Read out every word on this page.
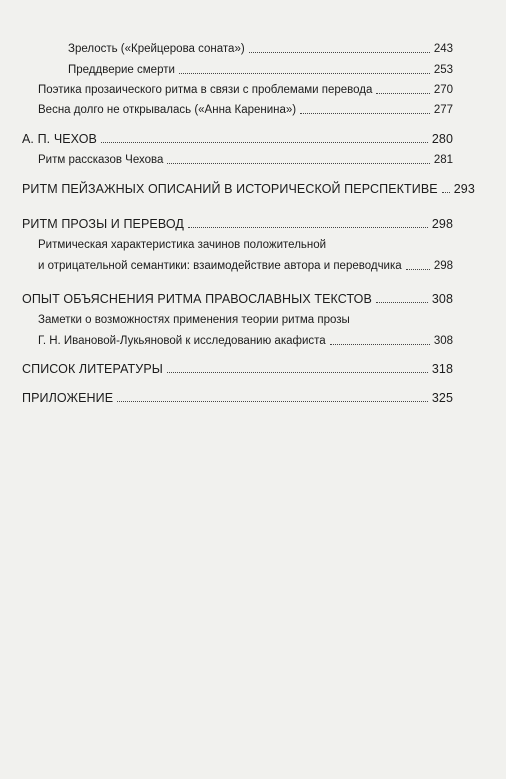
Зрелость («Крейцерова соната»)	243
Преддверие смерти	253
Поэтика прозаического ритма в связи с проблемами перевода	270
Весна долго не открывалась («Анна Каренина»)	277
А. П. ЧЕХОВ	280
Ритм рассказов Чехова	281
РИТМ ПЕЙЗАЖНЫХ ОПИСАНИЙ В ИСТОРИЧЕСКОЙ ПЕРСПЕКТИВЕ 293
РИТМ ПРОЗЫ И ПЕРЕВОД	298
Ритмическая характеристика зачинов положительной
и отрицательной семантики: взаимодействие автора и переводчика	298
ОПЫТ ОБЪЯСНЕНИЯ РИТМА ПРАВОСЛАВНЫХ ТЕКСТОВ	308
Заметки о возможностях применения теории ритма прозы
Г. Н. Ивановой-Лукьяновой к исследованию акафиста	308
СПИСОК ЛИТЕРАТУРЫ	318
ПРИЛОЖЕНИЕ	325
